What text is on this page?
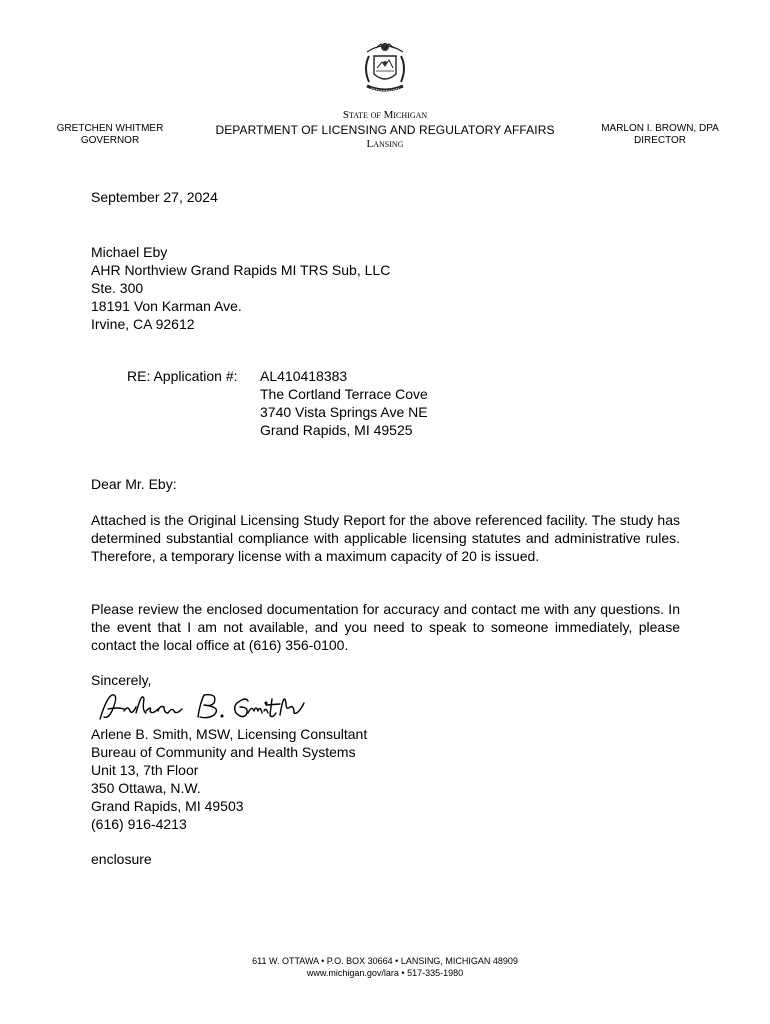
GRETCHEN WHITMER
GOVERNOR
State of Michigan
DEPARTMENT OF LICENSING AND REGULATORY AFFAIRS
Lansing
MARLON I. BROWN, DPA
DIRECTOR
September 27, 2024
Michael Eby
AHR Northview Grand Rapids MI TRS Sub, LLC
Ste. 300
18191 Von Karman Ave.
Irvine, CA 92612
RE: Application #: AL410418383
The Cortland Terrace Cove
3740 Vista Springs Ave NE
Grand Rapids, MI 49525
Dear Mr. Eby:
Attached is the Original Licensing Study Report for the above referenced facility. The study has determined substantial compliance with applicable licensing statutes and administrative rules. Therefore, a temporary license with a maximum capacity of 20 is issued.
Please review the enclosed documentation for accuracy and contact me with any questions. In the event that I am not available, and you need to speak to someone immediately, please contact the local office at (616) 356-0100.
Sincerely,
Arlene B. Smith, MSW, Licensing Consultant
Bureau of Community and Health Systems
Unit 13, 7th Floor
350 Ottawa, N.W.
Grand Rapids, MI 49503
(616) 916-4213
enclosure
611 W. OTTAWA • P.O. BOX 30664 • LANSING, MICHIGAN 48909
www.michigan.gov/lara • 517-335-1980
